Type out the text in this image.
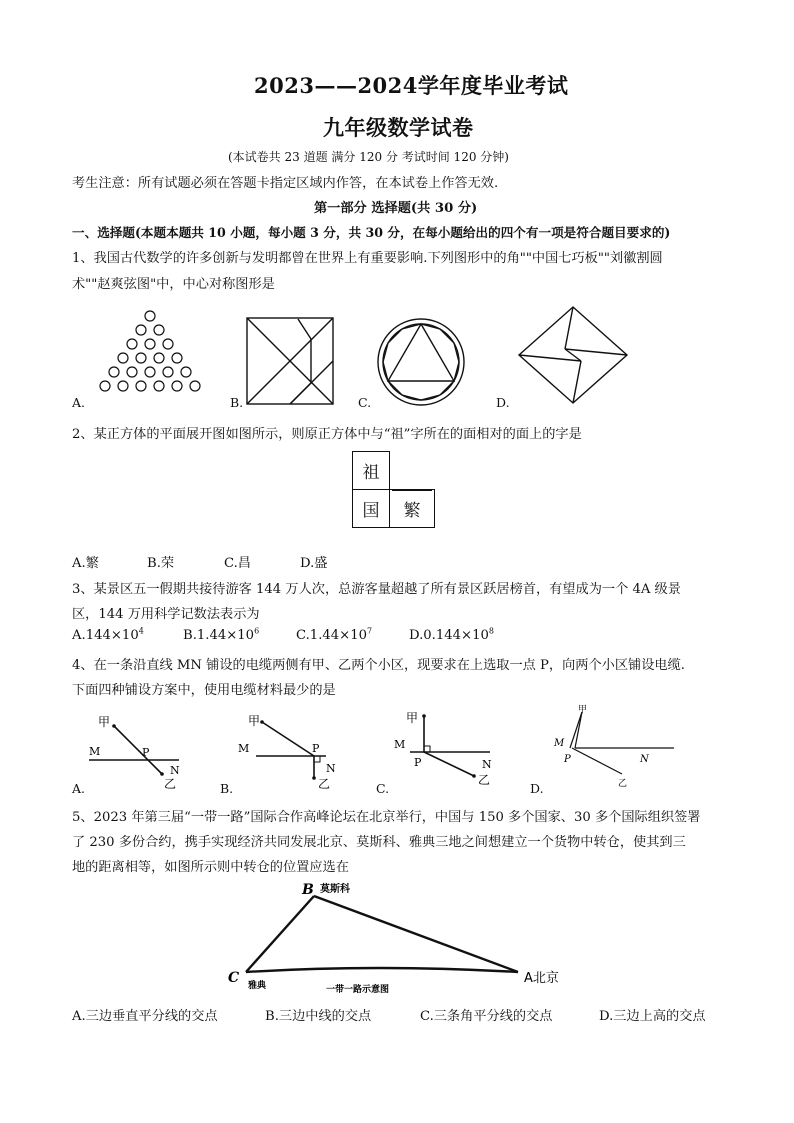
2023——2024学年度毕业考试
九年级数学试卷
(本试卷共 23 道题 满分 120 分 考试时间 120 分钟)
考生注意：所有试题必须在答题卡指定区域内作答，在本试卷上作答无效.
第一部分 选择题(共 30 分)
一、选择题(本题本题共 10 小题，每小题 3 分，共 30 分，在每小题给出的四个有一项是符合题目要求的)
1、我国古代数学的许多创新与发明都曾在世界上有重要影响.下列图形中的角""中国七巧板""刘徽割圆
术""赵爽弦图"中，中心对称图形是
A.	B.	C.	D.
2、某正方体的平面展开图如图所示，则原正方体中与“祖”字所在的面相对的面上的字是
祖	
国	繁
A.繁	B.荣	C.昌	D.盛
3、某景区五一假期共接待游客 144 万人次，总游客量超越了所有景区跃居榜首，有望成为一个 4A 级景
区，144 万用科学记数法表示为
$A.144\times 10^4$	$B.1.44\times 10^6$	$C.1.44\times 10^7$	$D.0.144\times 10^8$
4、在一条沿直线 MN 铺设的电缆两侧有甲、乙两个小区，现要求在上选取一点 P，向两个小区铺设电缆.
下面四种铺设方案中，使用电缆材料最少的是
甲
M	P
N
乙
A.
甲
M	P
N
乙
B.
甲
M
P	N
乙
C.
甲
M
P	N
乙
D.
5、2023 年第三届“一带一路”国际合作高峰论坛在北京举行，中国与 150 多个国家、30 多个国际组织签署
了 230 多份合约，携手实现经济共同发展北京、莫斯科、雅典三地之间想建立一个货物中转仓，使其到三
地的距离相等，如图所示则中转仓的位置应选在
B 莫斯科
C 雅典	A北京
一带一路示意图
A.三边垂直平分线的交点	B.三边中线的交点	C.三条角平分线的交点	D.三边上高的交点
